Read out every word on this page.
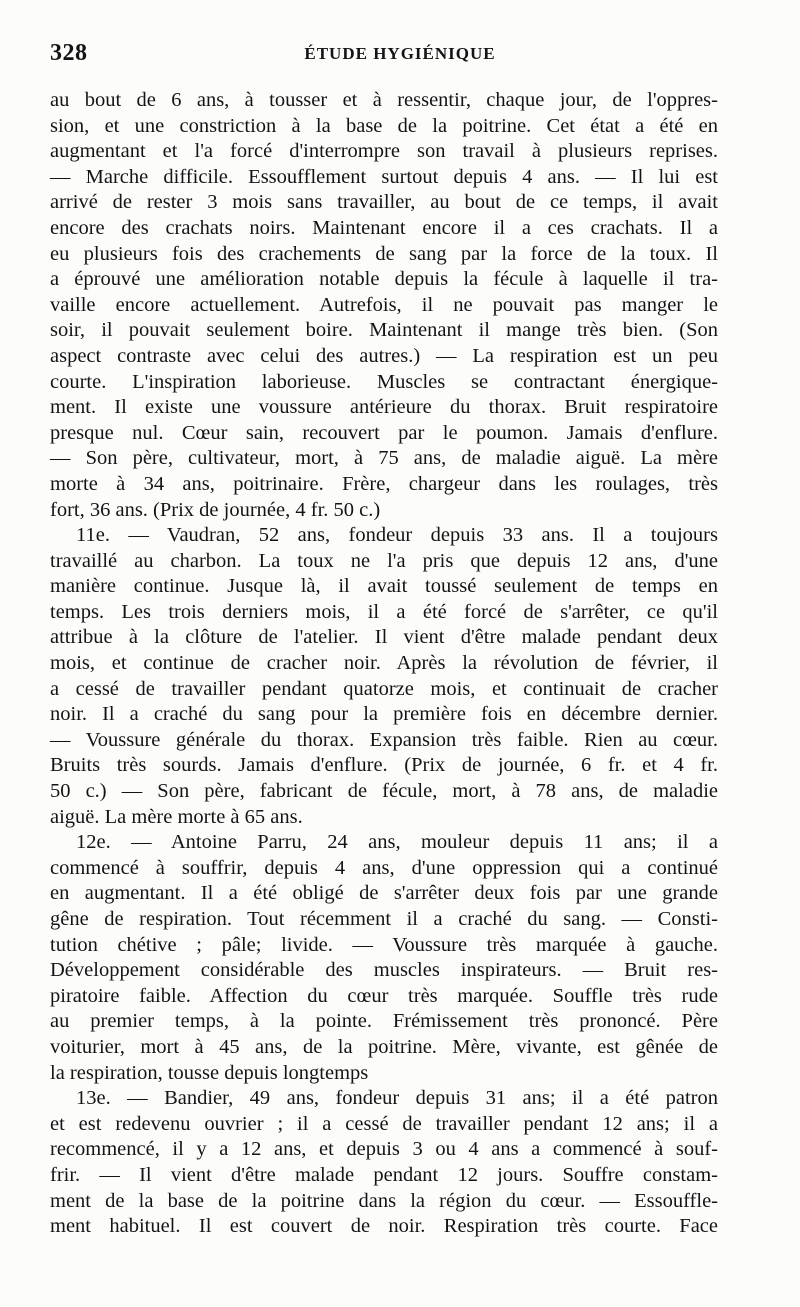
328	ÉTUDE HYGIÉNIQUE
au bout de 6 ans, à tousser et à ressentir, chaque jour, de l'oppres-
sion, et une constriction à la base de la poitrine. Cet état a été en
augmentant et l'a forcé d'interrompre son travail à plusieurs reprises.
— Marche difficile. Essoufflement surtout depuis 4 ans. — Il lui est
arrivé de rester 3 mois sans travailler, au bout de ce temps, il avait
encore des crachats noirs. Maintenant encore il a ces crachats. Il a
eu plusieurs fois des crachements de sang par la force de la toux. Il
a éprouvé une amélioration notable depuis la fécule à laquelle il tra-
vaille encore actuellement. Autrefois, il ne pouvait pas manger le
soir, il pouvait seulement boire. Maintenant il mange très bien. (Son
aspect contraste avec celui des autres.) — La respiration est un peu
courte. L'inspiration laborieuse. Muscles se contractant énergique-
ment. Il existe une voussure antérieure du thorax. Bruit respiratoire
presque nul. Cœur sain, recouvert par le poumon. Jamais d'enflure.
— Son père, cultivateur, mort, à 75 ans, de maladie aiguë. La mère
morte à 34 ans, poitrinaire. Frère, chargeur dans les roulages, très
fort, 36 ans. (Prix de journée, 4 fr. 50 c.)
11e. — Vaudran, 52 ans, fondeur depuis 33 ans. Il a toujours
travaillé au charbon. La toux ne l'a pris que depuis 12 ans, d'une
manière continue. Jusque là, il avait toussé seulement de temps en
temps. Les trois derniers mois, il a été forcé de s'arrêter, ce qu'il
attribue à la clôture de l'atelier. Il vient d'être malade pendant deux
mois, et continue de cracher noir. Après la révolution de février, il
a cessé de travailler pendant quatorze mois, et continuait de cracher
noir. Il a craché du sang pour la première fois en décembre dernier.
— Voussure générale du thorax. Expansion très faible. Rien au cœur.
Bruits très sourds. Jamais d'enflure. (Prix de journée, 6 fr. et 4 fr.
50 c.) — Son père, fabricant de fécule, mort, à 78 ans, de maladie
aiguë. La mère morte à 65 ans.
12e. — Antoine Parru, 24 ans, mouleur depuis 11 ans; il a
commencé à souffrir, depuis 4 ans, d'une oppression qui a continué
en augmentant. Il a été obligé de s'arrêter deux fois par une grande
gêne de respiration. Tout récemment il a craché du sang. — Consti-
tution chétive ; pâle; livide. — Voussure très marquée à gauche.
Développement considérable des muscles inspirateurs. — Bruit res-
piratoire faible. Affection du cœur très marquée. Souffle très rude
au premier temps, à la pointe. Frémissement très prononcé. Père
voiturier, mort à 45 ans, de la poitrine. Mère, vivante, est gênée de
la respiration, tousse depuis longtemps
13e. — Bandier, 49 ans, fondeur depuis 31 ans; il a été patron
et est redevenu ouvrier ; il a cessé de travailler pendant 12 ans; il a
recommencé, il y a 12 ans, et depuis 3 ou 4 ans a commencé à souf-
frir. — Il vient d'être malade pendant 12 jours. Souffre constam-
ment de la base de la poitrine dans la région du cœur. — Essouffle-
ment habituel. Il est couvert de noir. Respiration très courte. Face
